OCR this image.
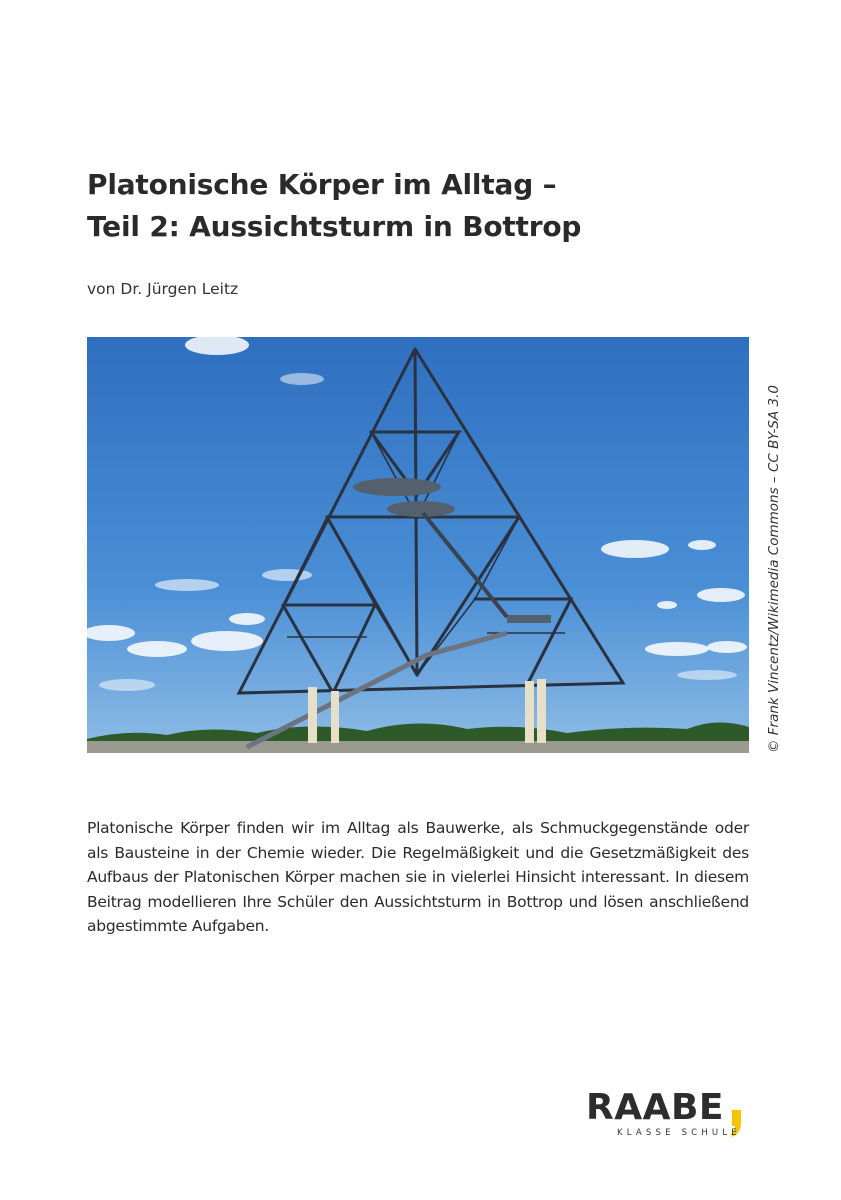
Platonische Körper im Alltag –
Teil 2: Aussichtsturm in Bottrop
von Dr. Jürgen Leitz
© Frank Vincentz/Wikimedia Commons – CC BY-SA 3.0

Platonische Körper finden wir im Alltag als Bauwerke, als Schmuckgegenstände oder als Bausteine in der Chemie wieder. Die Regelmäßigkeit und die Gesetzmäßigkeit des Aufbaus der Platonischen Körper machen sie in vielerlei Hinsicht interessant. In diesem Beitrag modellieren Ihre Schüler den Aussichtsturm in Bottrop und lösen anschließend abgestimmte Aufgaben.

RAABE
KLASSE SCHULE
